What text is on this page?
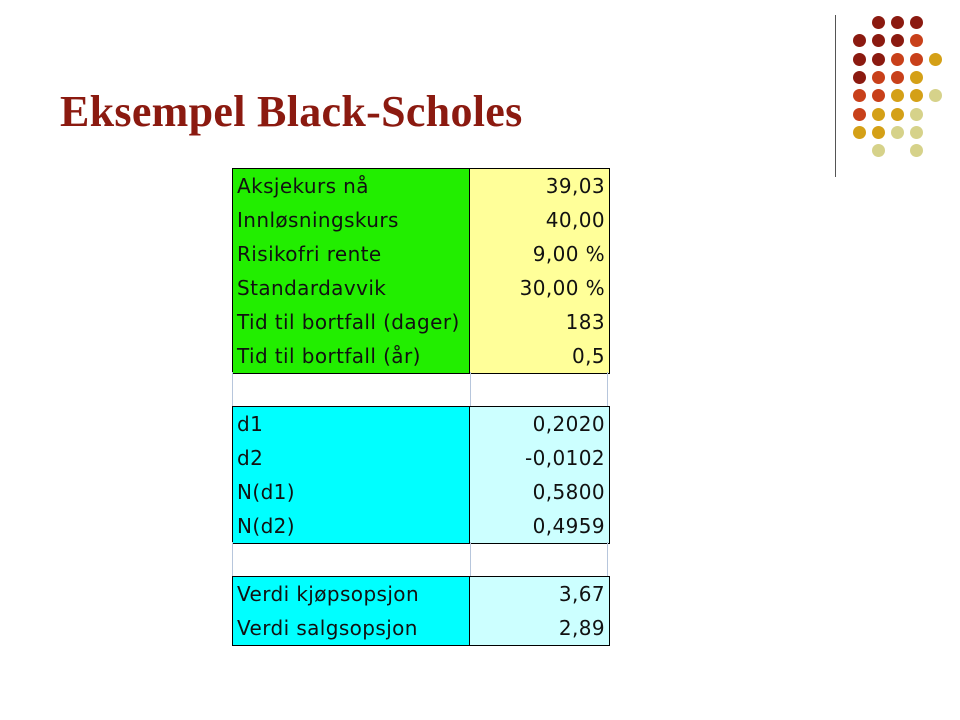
Eksempel Black-Scholes
Aksjekurs nå	39,03
Innløsningskurs	40,00
Risikofri rente	9,00 %
Standardavvik	30,00 %
Tid til bortfall (dager)	183
Tid til bortfall (år)	0,5
d1	0,2020
d2	-0,0102
N(d1)	0,5800
N(d2)	0,4959
Verdi kjøpsopsjon	3,67
Verdi salgsopsjon	2,89
